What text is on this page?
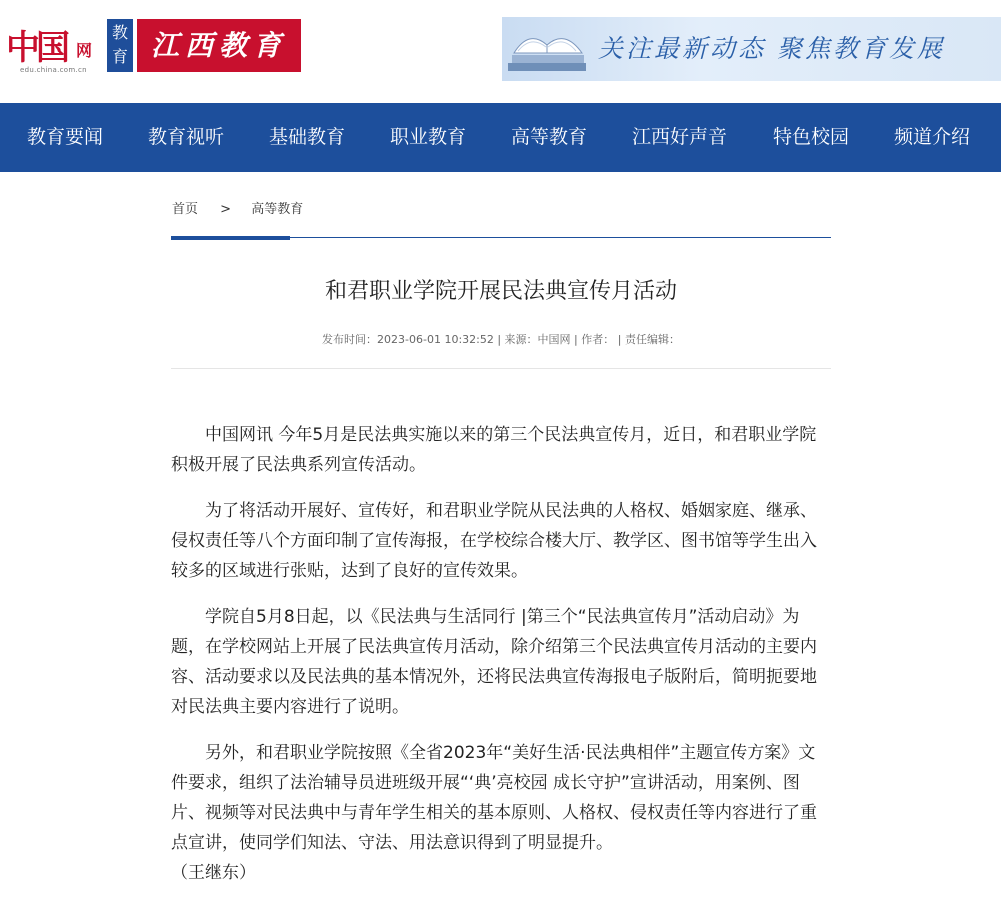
中国 网
edu.china.com.cn
教育 江西教育	关注最新动态 聚焦教育发展
教育要闻 教育视听 基础教育 职业教育 高等教育 江西好声音 特色校园 频道介绍
首页 > 高等教育
和君职业学院开展民法典宣传月活动
发布时间：2023-06-01 10:32:52 | 来源：中国网 | 作者： | 责任编辑：

中国网讯 今年5月是民法典实施以来的第三个民法典宣传月，近日，和君职业学院积极开展了民法典系列宣传活动。

为了将活动开展好、宣传好，和君职业学院从民法典的人格权、婚姻家庭、继承、侵权责任等八个方面印制了宣传海报，在学校综合楼大厅、教学区、图书馆等学生出入较多的区域进行张贴，达到了良好的宣传效果。

学院自5月8日起，以《民法典与生活同行 |第三个“民法典宣传月”活动启动》为题，在学校网站上开展了民法典宣传月活动，除介绍第三个民法典宣传月活动的主要内容、活动要求以及民法典的基本情况外，还将民法典宣传海报电子版附后，简明扼要地对民法典主要内容进行了说明。

另外，和君职业学院按照《全省2023年“美好生活·民法典相伴”主题宣传方案》文件要求，组织了法治辅导员进班级开展“‘典’亮校园 成长守护”宣讲活动，用案例、图片、视频等对民法典中与青年学生相关的基本原则、人格权、侵权责任等内容进行了重点宣讲，使同学们知法、守法、用法意识得到了明显提升。

（王继东）
